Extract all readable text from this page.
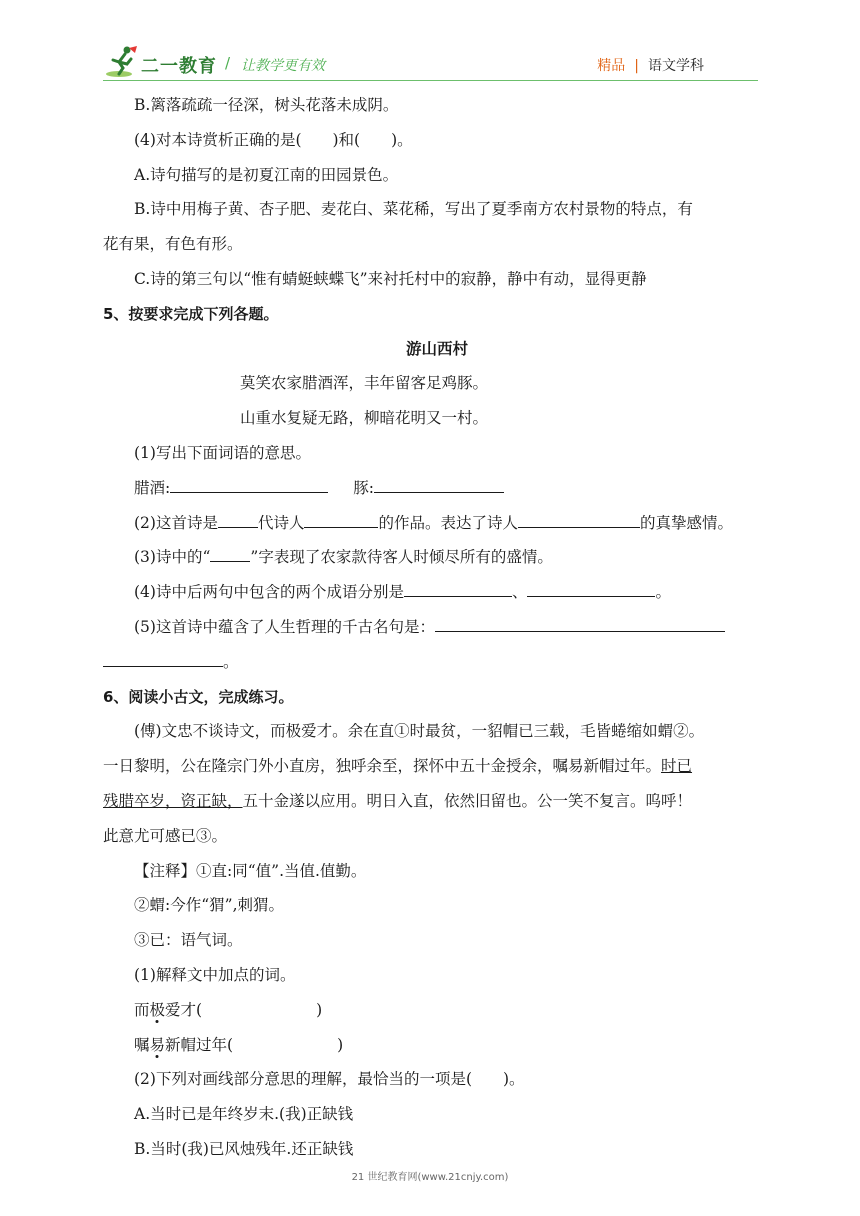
二一教育 / 让教学更有效	精品 | 语文学科

B.篱落疏疏一径深，树头花落未成阴。

(4)对本诗赏析正确的是(　　)和(　　)。

A.诗句描写的是初夏江南的田园景色。

B.诗中用梅子黄、杏子肥、麦花白、菜花稀，写出了夏季南方农村景物的特点，有

花有果，有色有形。

C.诗的第三句以“惟有蜻蜓蛱蝶飞”来衬托村中的寂静，静中有动，显得更静

5、按要求完成下列各题。

游山西村

莫笑农家腊酒浑，丰年留客足鸡豚。

山重水复疑无路，柳暗花明又一村。

(1)写出下面词语的意思。

腊酒:	豚:

(2)这首诗是	代诗人	的作品。表达了诗人	的真挚感情。

(3)诗中的“	”字表现了农家款待客人时倾尽所有的盛情。

(4)诗中后两句中包含的两个成语分别是	、	。

(5)这首诗中蕴含了人生哲理的千古名句是：

。

6、阅读小古文，完成练习。

(傅)文忠不谈诗文，而极爱才。余在直①时最贫，一貂帽已三载，毛皆蜷缩如蝟②。

一日黎明，公在隆宗门外小直房，独呼余至，探怀中五十金授余，嘱易新帽过年。时已

残腊卒岁，资正缺，五十金遂以应用。明日入直，依然旧留也。公一笑不复言。呜呼！

此意尤可感已③。

【注释】①直:同“值”.当值.值勤。

②蝟:今作“猬”,刺猬。

③已：语气词。

(1)解释文中加点的词。

而极爱才(	)

嘱易新帽过年(	)

(2)下列对画线部分意思的理解，最恰当的一项是(　　)。

A.当时已是年终岁末.(我)正缺钱

B.当时(我)已风烛残年.还正缺钱

21 世纪教育网(www.21cnjy.com)
